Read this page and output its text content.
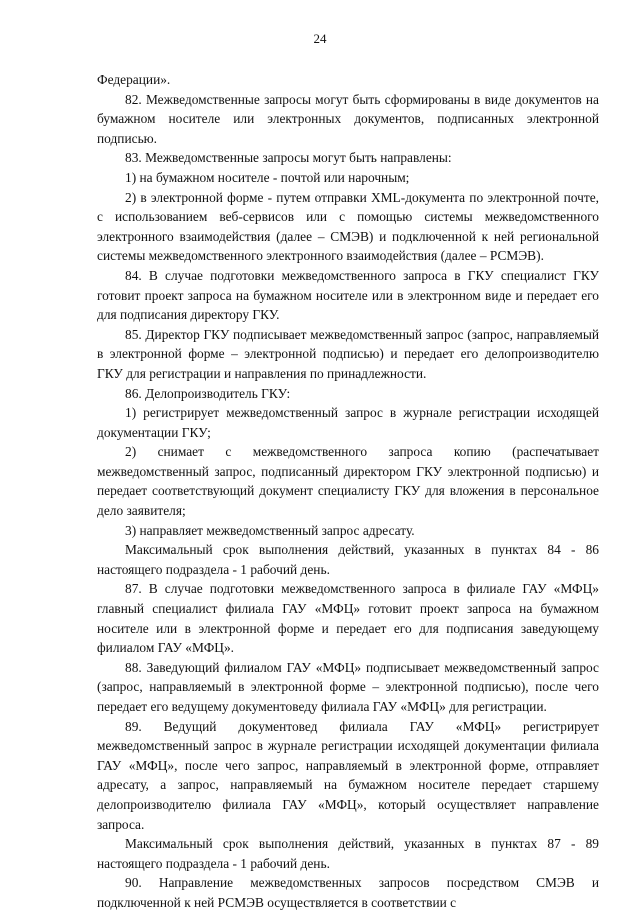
24

Федерации».

82. Межведомственные запросы могут быть сформированы в виде документов на бумажном носителе или электронных документов, подписанных электронной подписью.

83. Межведомственные запросы могут быть направлены:

1) на бумажном носителе - почтой или нарочным;

2) в электронной форме - путем отправки XML-документа по электронной почте, с использованием веб-сервисов или с помощью системы межведомственного электронного взаимодействия (далее – СМЭВ) и подключенной к ней региональной системы межведомственного электронного взаимодействия (далее – РСМЭВ).

84. В случае подготовки межведомственного запроса в ГКУ специалист ГКУ готовит проект запроса на бумажном носителе или в электронном виде и передает его для подписания директору ГКУ.

85. Директор ГКУ подписывает межведомственный запрос (запрос, направляемый в электронной форме – электронной подписью) и передает его делопроизводителю ГКУ для регистрации и направления по принадлежности.

86. Делопроизводитель ГКУ:

1) регистрирует межведомственный запрос в журнале регистрации исходящей документации ГКУ;

2) снимает с межведомственного запроса копию (распечатывает межведомственный запрос, подписанный директором ГКУ электронной подписью) и передает соответствующий документ специалисту ГКУ для вложения в персональное дело заявителя;

3) направляет межведомственный запрос адресату.

Максимальный срок выполнения действий, указанных в пунктах 84 - 86 настоящего подраздела - 1 рабочий день.

87. В случае подготовки межведомственного запроса в филиале ГАУ «МФЦ» главный специалист филиала ГАУ «МФЦ» готовит проект запроса на бумажном носителе или в электронной форме и передает его для подписания заведующему филиалом ГАУ «МФЦ».

88. Заведующий филиалом ГАУ «МФЦ» подписывает межведомственный запрос (запрос, направляемый в электронной форме – электронной подписью), после чего передает его ведущему документоведу филиала ГАУ «МФЦ» для регистрации.

89. Ведущий документовед филиала ГАУ «МФЦ» регистрирует межведомственный запрос в журнале регистрации исходящей документации филиала ГАУ «МФЦ», после чего запрос, направляемый в электронной форме, отправляет адресату, а запрос, направляемый на бумажном носителе передает старшему делопроизводителю филиала ГАУ «МФЦ», который осуществляет направление запроса.

Максимальный срок выполнения действий, указанных в пунктах 87 - 89 настоящего подраздела - 1 рабочий день.

90. Направление межведомственных запросов посредством СМЭВ и подключенной к ней РСМЭВ осуществляется в соответствии с
